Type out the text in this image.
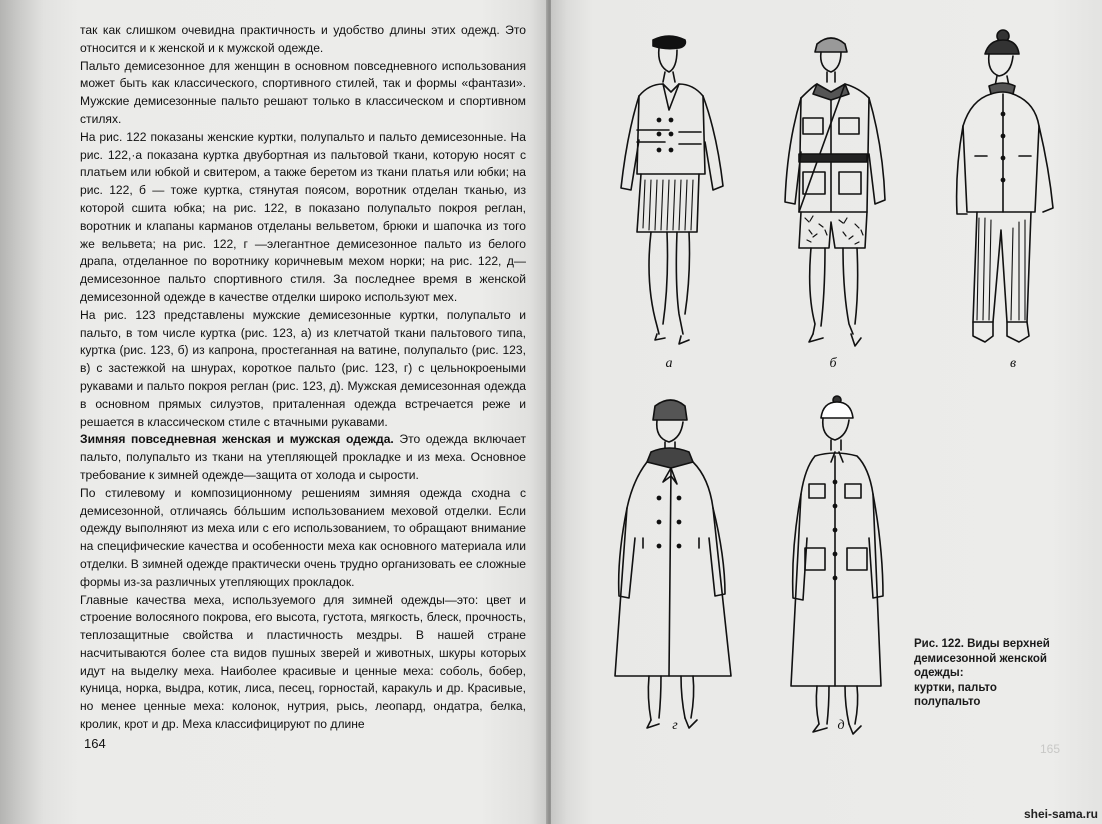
так как слишком очевидна практичность и удобство длины этих одежд. Это относится и к женской и к мужской одежде.

Пальто демисезонное для женщин в основном повседневного использования может быть как классического, спортивного стилей, так и формы «фантази». Мужские демисезонные пальто решают только в классическом и спортивном стилях.

На рис. 122 показаны женские куртки, полупальто и пальто демисезонные. На рис. 122,·а показана куртка двубортная из пальтовой ткани, которую носят с платьем или юбкой и свитером, а также беретом из ткани платья или юбки; на рис. 122, б — тоже куртка, стянутая поясом, воротник отделан тканью, из которой сшита юбка; на рис. 122, в показано полупальто покроя реглан, воротник и клапаны карманов отделаны вельветом, брюки и шапочка из того же вельвета; на рис. 122, г —элегантное демисезонное пальто из белого драпа, отделанное по воротнику коричневым мехом норки; на рис. 122, д—демисезонное пальто спортивного стиля. За последнее время в женской демисезонной одежде в качестве отделки широко используют мех.

На рис. 123 представлены мужские демисезонные куртки, полупальто и пальто, в том числе куртка (рис. 123, а) из клетчатой ткани пальтового типа, куртка (рис. 123, б) из капрона, простеганная на ватине, полупальто (рис. 123, в) с застежкой на шнурах, короткое пальто (рис. 123, г) с цельнокроеными рукавами и пальто покроя реглан (рис. 123, д). Мужская демисезонная одежда в основном прямых силуэтов, приталенная одежда встречается реже и решается в классическом стиле с втачными рукавами.

Зимняя повседневная женская и мужская одежда. Это одежда включает пальто, полупальто из ткани на утепляющей прокладке и из меха. Основное требование к зимней одежде—защита от холода и сырости.

По стилевому и композиционному решениям зимняя одежда сходна с демисезонной, отличаясь бóльшим использованием меховой отделки. Если одежду выполняют из меха или с его использованием, то обращают внимание на специфические качества и особенности меха как основного материала или отделки. В зимней одежде практически очень трудно организовать ее сложные формы из-за различных утепляющих прокладок.

Главные качества меха, используемого для зимней одежды—это: цвет и строение волосяного покрова, его высота, густота, мягкость, блеск, прочность, теплозащитные свойства и пластичность мездры. В нашей стране насчитываются более ста видов пушных зверей и животных, шкуры которых идут на выделку меха. Наиболее красивые и ценные меха: соболь, бобер, куница, норка, выдра, котик, лиса, песец, горностай, каракуль и др. Красивые, но менее ценные меха: колонок, нутрия, рысь, леопард, ондатра, белка, кролик, крот и др. Меха классифицируют по длине

164
а	б	в
г	д
Рис. 122. Виды верхней
демисезонной женской
одежды:
куртки, пальто
полупальто
165
shei-sama.ru
